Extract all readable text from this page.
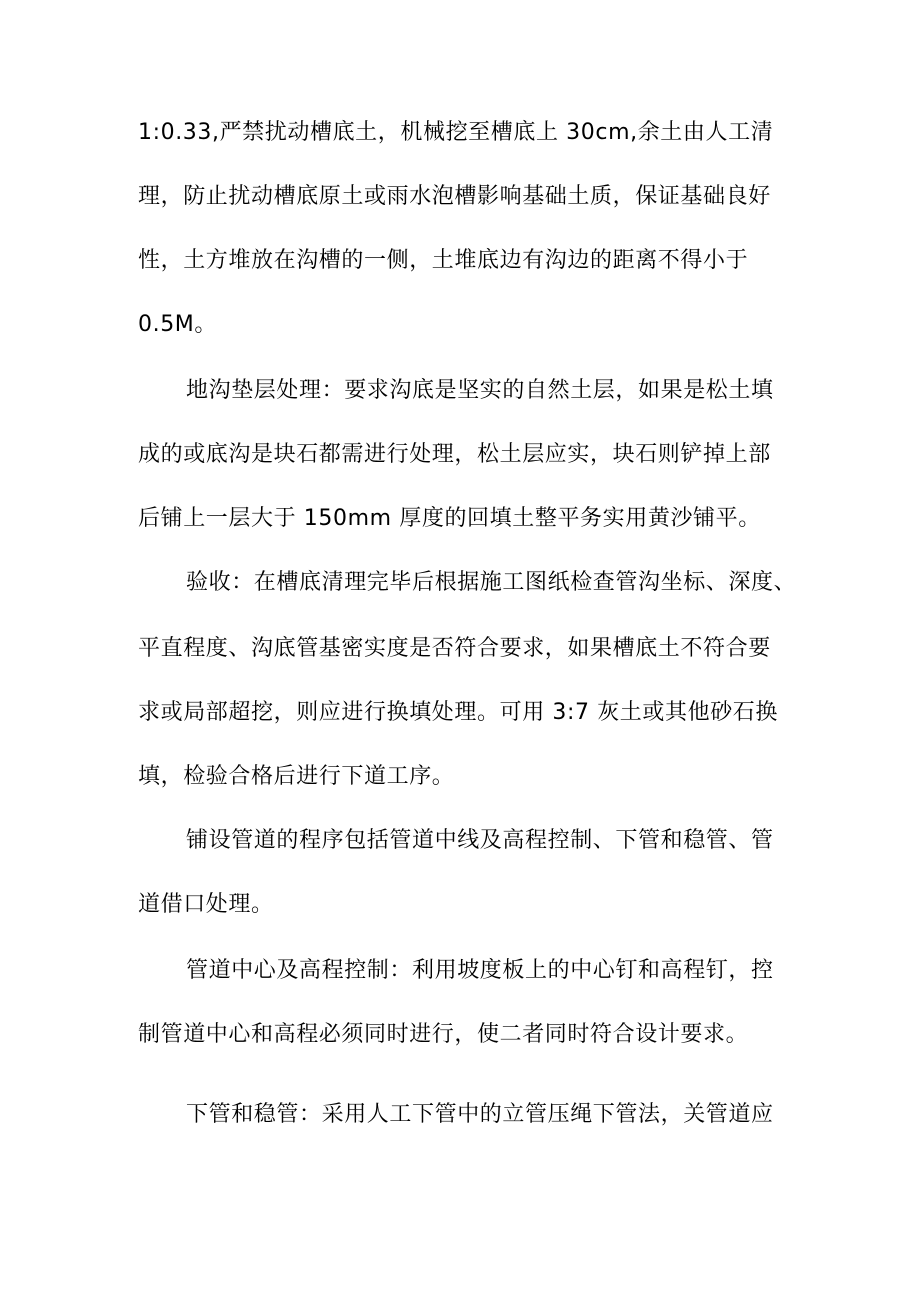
1:0.33,严禁扰动槽底土，机械挖至槽底上 30cm,余土由人工清
理，防止扰动槽底原土或雨水泡槽影响基础土质，保证基础良好
性，土方堆放在沟槽的一侧，土堆底边有沟边的距离不得小于
0.5M。
地沟垫层处理：要求沟底是坚实的自然土层，如果是松土填
成的或底沟是块石都需进行处理，松土层应实，块石则铲掉上部
后铺上一层大于 150mm 厚度的回填土整平务实用黄沙铺平。
验收：在槽底清理完毕后根据施工图纸检查管沟坐标、深度、
平直程度、沟底管基密实度是否符合要求，如果槽底土不符合要
求或局部超挖，则应进行换填处理。可用 3:7 灰土或其他砂石换
填，检验合格后进行下道工序。
铺设管道的程序包括管道中线及高程控制、下管和稳管、管
道借口处理。
管道中心及高程控制：利用坡度板上的中心钉和高程钉，控
制管道中心和高程必须同时进行，使二者同时符合设计要求。
下管和稳管：采用人工下管中的立管压绳下管法，关管道应
